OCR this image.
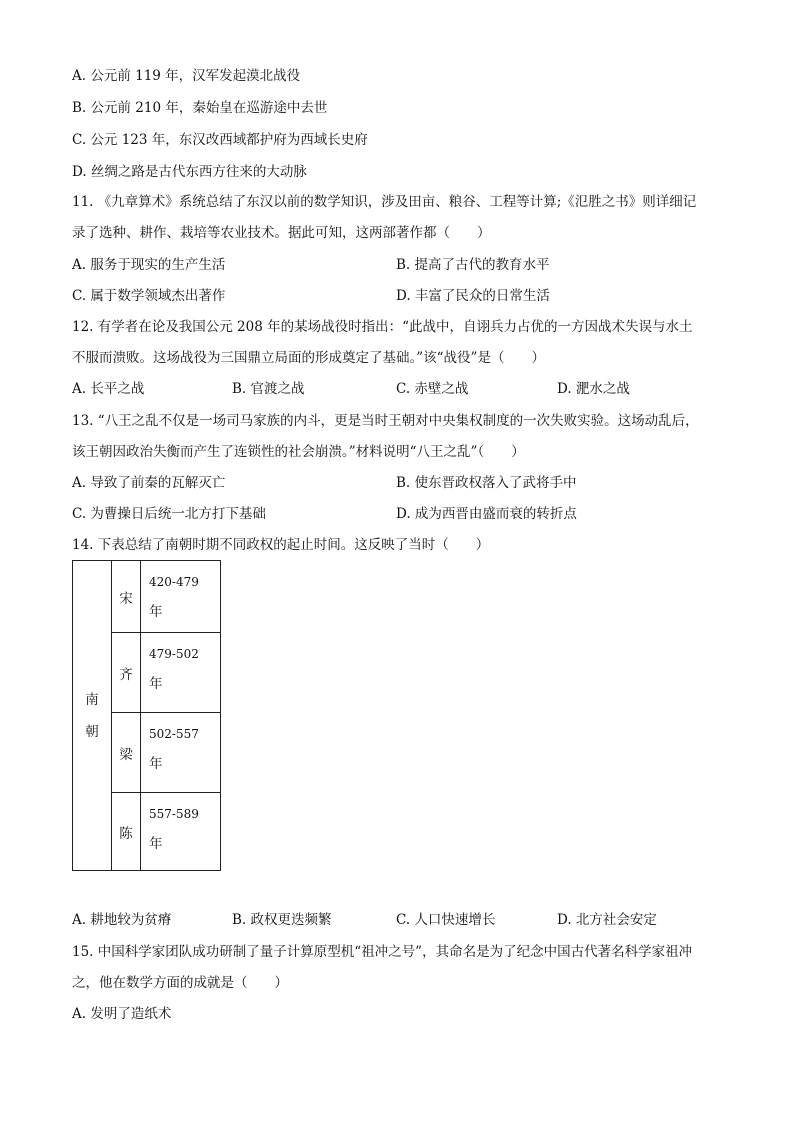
A. 公元前 119 年，汉军发起漠北战役
B. 公元前 210 年，秦始皇在巡游途中去世
C. 公元 123 年，东汉改西域都护府为西域长史府
D. 丝绸之路是古代东西方往来的大动脉
11. 《九章算术》系统总结了东汉以前的数学知识，涉及田亩、粮谷、工程等计算;《氾胜之书》则详细记
录了选种、耕作、栽培等农业技术。据此可知，这两部著作都（　　）
A. 服务于现实的生产生活	B. 提高了古代的教育水平
C. 属于数学领域杰出著作	D. 丰富了民众的日常生活
12. 有学者在论及我国公元 208 年的某场战役时指出：“此战中，自诩兵力占优的一方因战术失误与水土
不服而溃败。这场战役为三国鼎立局面的形成奠定了基础。”该“战役”是（　　）
A. 长平之战	B. 官渡之战	C. 赤壁之战	D. 淝水之战
13. “八王之乱不仅是一场司马家族的内斗，更是当时王朝对中央集权制度的一次失败实验。这场动乱后，
该王朝因政治失衡而产生了连锁性的社会崩溃。”材料说明“八王之乱”（　　）
A. 导致了前秦的瓦解灭亡	B. 使东晋政权落入了武将手中
C. 为曹操日后统一北方打下基础	D. 成为西晋由盛而衰的转折点
14. 下表总结了南朝时期不同政权的起止时间。这反映了当时（　　）
南
朝	宋	420-479
年

	齐	479-502
年

	梁	502-557
年

	陈	557-589
年
A. 耕地较为贫瘠	B. 政权更迭频繁	C. 人口快速增长	D. 北方社会安定
15. 中国科学家团队成功研制了量子计算原型机“祖冲之号”，其命名是为了纪念中国古代著名科学家祖冲
之，他在数学方面的成就是（　　）
A. 发明了造纸术
